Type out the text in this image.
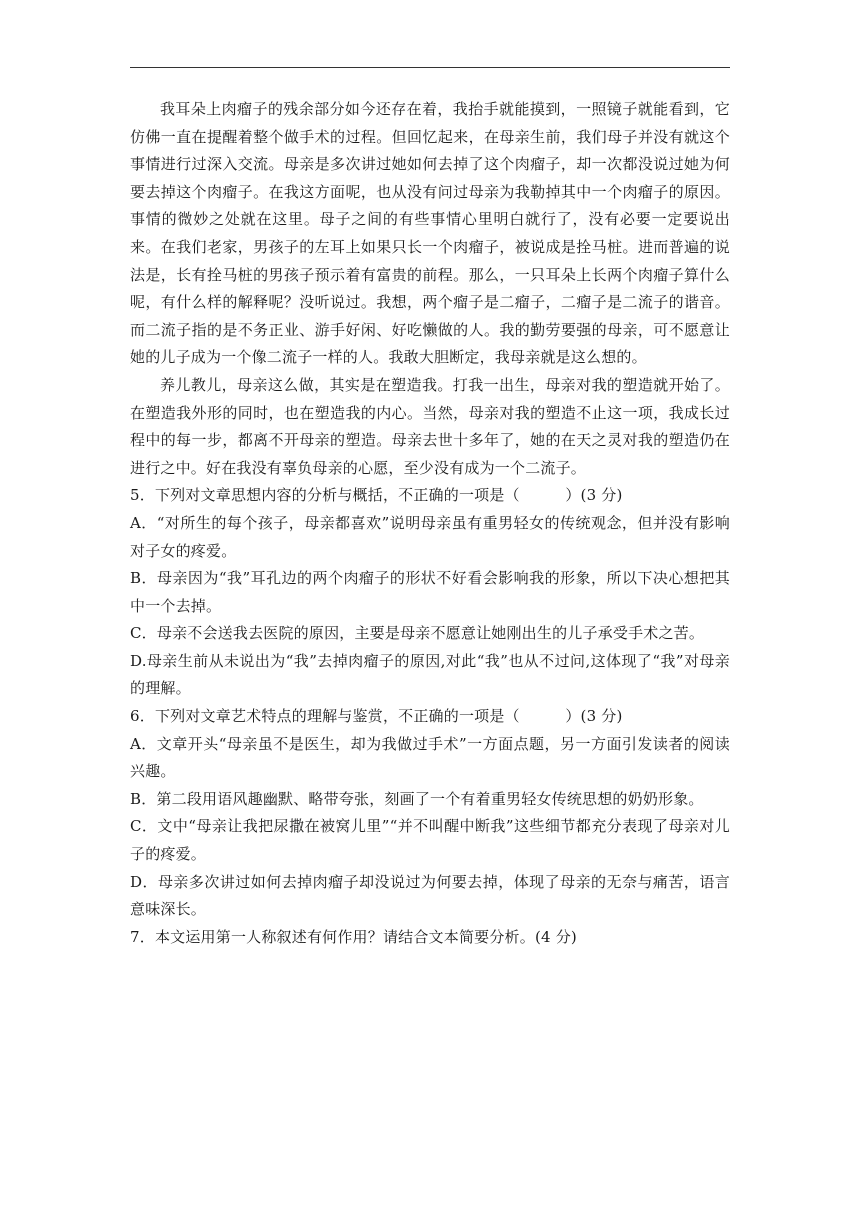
我耳朵上肉瘤子的残余部分如今还存在着，我抬手就能摸到，一照镜子就能看到，它仿佛一直在提醒着整个做手术的过程。但回忆起来，在母亲生前，我们母子并没有就这个事情进行过深入交流。母亲是多次讲过她如何去掉了这个肉瘤子，却一次都没说过她为何要去掉这个肉瘤子。在我这方面呢，也从没有问过母亲为我勒掉其中一个肉瘤子的原因。事情的微妙之处就在这里。母子之间的有些事情心里明白就行了，没有必要一定要说出来。在我们老家，男孩子的左耳上如果只长一个肉瘤子，被说成是拴马桩。进而普遍的说法是，长有拴马桩的男孩子预示着有富贵的前程。那么，一只耳朵上长两个肉瘤子算什么呢，有什么样的解释呢？没听说过。我想，两个瘤子是二瘤子，二瘤子是二流子的谐音。而二流子指的是不务正业、游手好闲、好吃懒做的人。我的勤劳要强的母亲，可不愿意让她的儿子成为一个像二流子一样的人。我敢大胆断定，我母亲就是这么想的。

养儿教儿，母亲这么做，其实是在塑造我。打我一出生，母亲对我的塑造就开始了。在塑造我外形的同时，也在塑造我的内心。当然，母亲对我的塑造不止这一项，我成长过程中的每一步，都离不开母亲的塑造。母亲去世十多年了，她的在天之灵对我的塑造仍在进行之中。好在我没有辜负母亲的心愿，至少没有成为一个二流子。

5．下列对文章思想内容的分析与概括，不正确的一项是（　　　）(3 分)

A．“对所生的每个孩子，母亲都喜欢”说明母亲虽有重男轻女的传统观念，但并没有影响对子女的疼爱。

B．母亲因为“我”耳孔边的两个肉瘤子的形状不好看会影响我的形象，所以下决心想把其中一个去掉。

C．母亲不会送我去医院的原因，主要是母亲不愿意让她刚出生的儿子承受手术之苦。

D.母亲生前从未说出为“我”去掉肉瘤子的原因,对此“我”也从不过问,这体现了“我”对母亲的理解。

6．下列对文章艺术特点的理解与鉴赏，不正确的一项是（　　　）(3 分)

A．文章开头“母亲虽不是医生，却为我做过手术”一方面点题，另一方面引发读者的阅读兴趣。

B．第二段用语风趣幽默、略带夸张，刻画了一个有着重男轻女传统思想的奶奶形象。

C．文中“母亲让我把尿撒在被窝儿里”“并不叫醒中断我”这些细节都充分表现了母亲对儿子的疼爱。

D．母亲多次讲过如何去掉肉瘤子却没说过为何要去掉，体现了母亲的无奈与痛苦，语言意味深长。

7．本文运用第一人称叙述有何作用？请结合文本简要分析。(4 分)
